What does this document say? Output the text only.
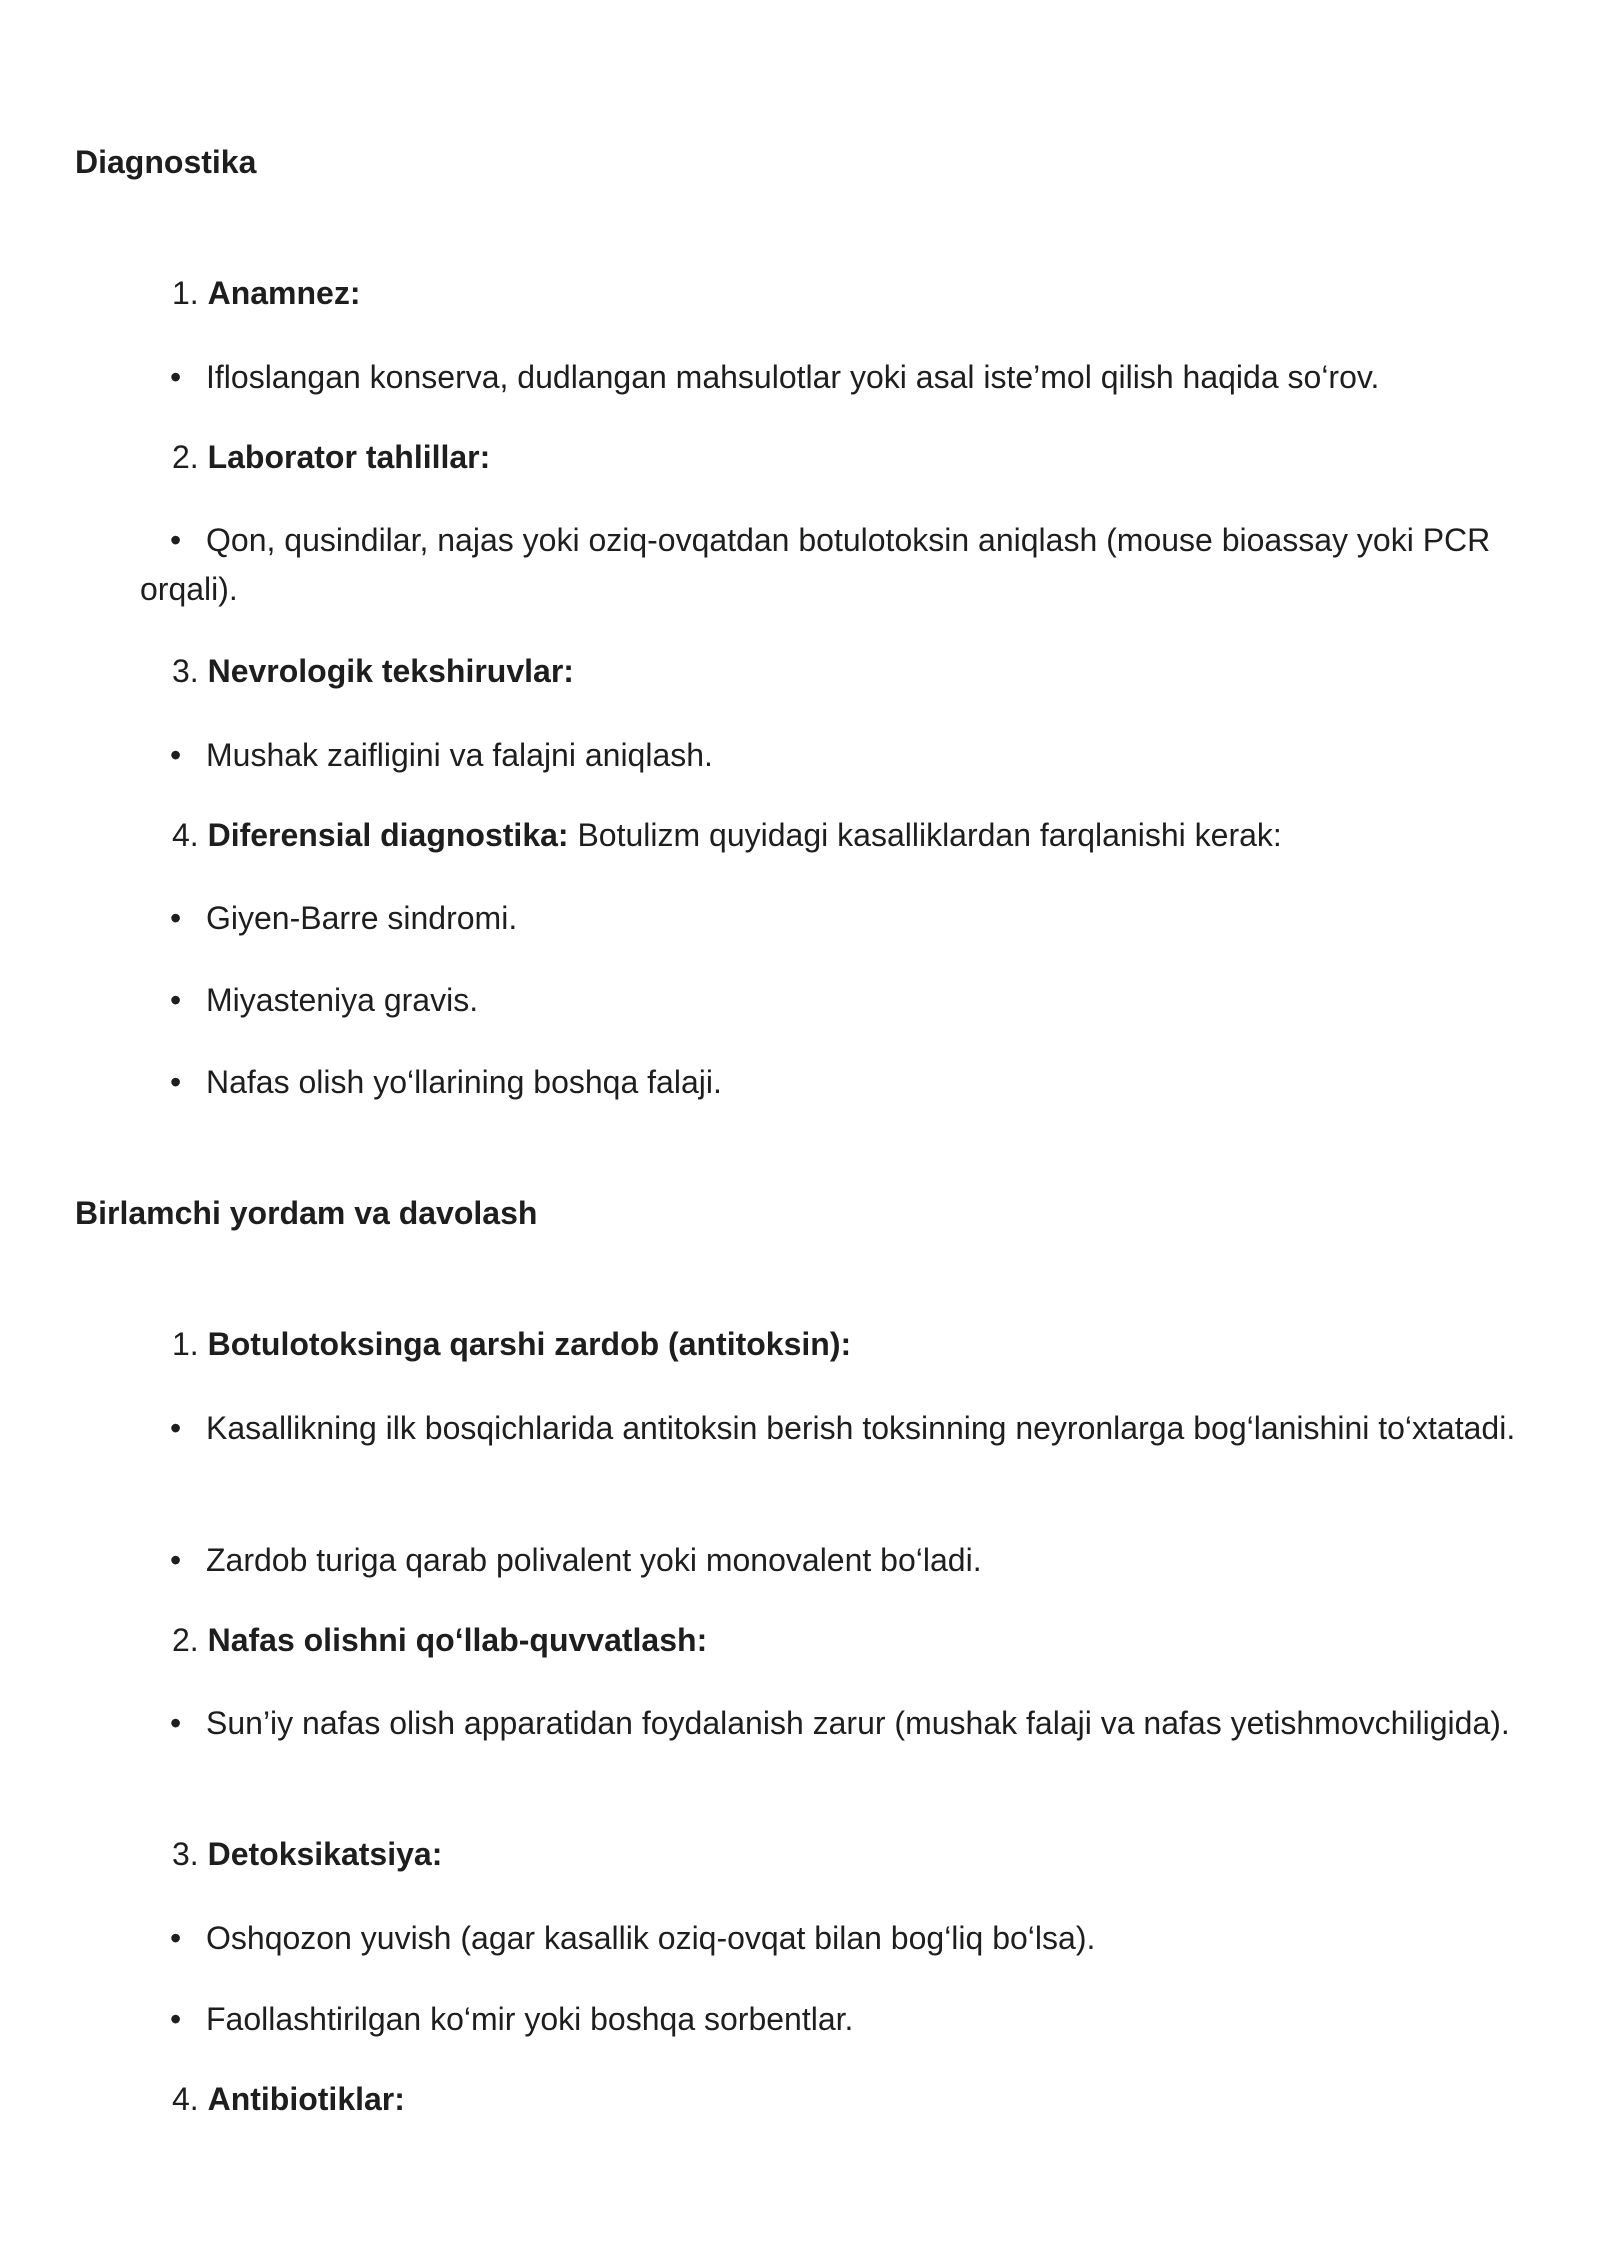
Diagnostika
1. Anamnez:
• Ifloslangan konserva, dudlangan mahsulotlar yoki asal iste’mol qilish haqida so‘rov.
2. Laborator tahlillar:
• Qon, qusindilar, najas yoki oziq-ovqatdan botulotoksin aniqlash (mouse bioassay yoki PCR orqali).
3. Nevrologik tekshiruvlar:
• Mushak zaifligini va falajni aniqlash.
4. Diferensial diagnostika: Botulizm quyidagi kasalliklardan farqlanishi kerak:
• Giyen-Barre sindromi.
• Miyasteniya gravis.
• Nafas olish yo‘llarining boshqa falaji.
Birlamchi yordam va davolash
1. Botulotoksinga qarshi zardob (antitoksin):
• Kasallikning ilk bosqichlarida antitoksin berish toksinning neyronlarga bog‘lanishini to‘xtatadi.
• Zardob turiga qarab polivalent yoki monovalent bo‘ladi.
2. Nafas olishni qo‘llab-quvvatlash:
• Sun’iy nafas olish apparatidan foydalanish zarur (mushak falaji va nafas yetishmovchiligida).
3. Detoksikatsiya:
• Oshqozon yuvish (agar kasallik oziq-ovqat bilan bog‘liq bo‘lsa).
• Faollashtirilgan ko‘mir yoki boshqa sorbentlar.
4. Antibiotiklar:
